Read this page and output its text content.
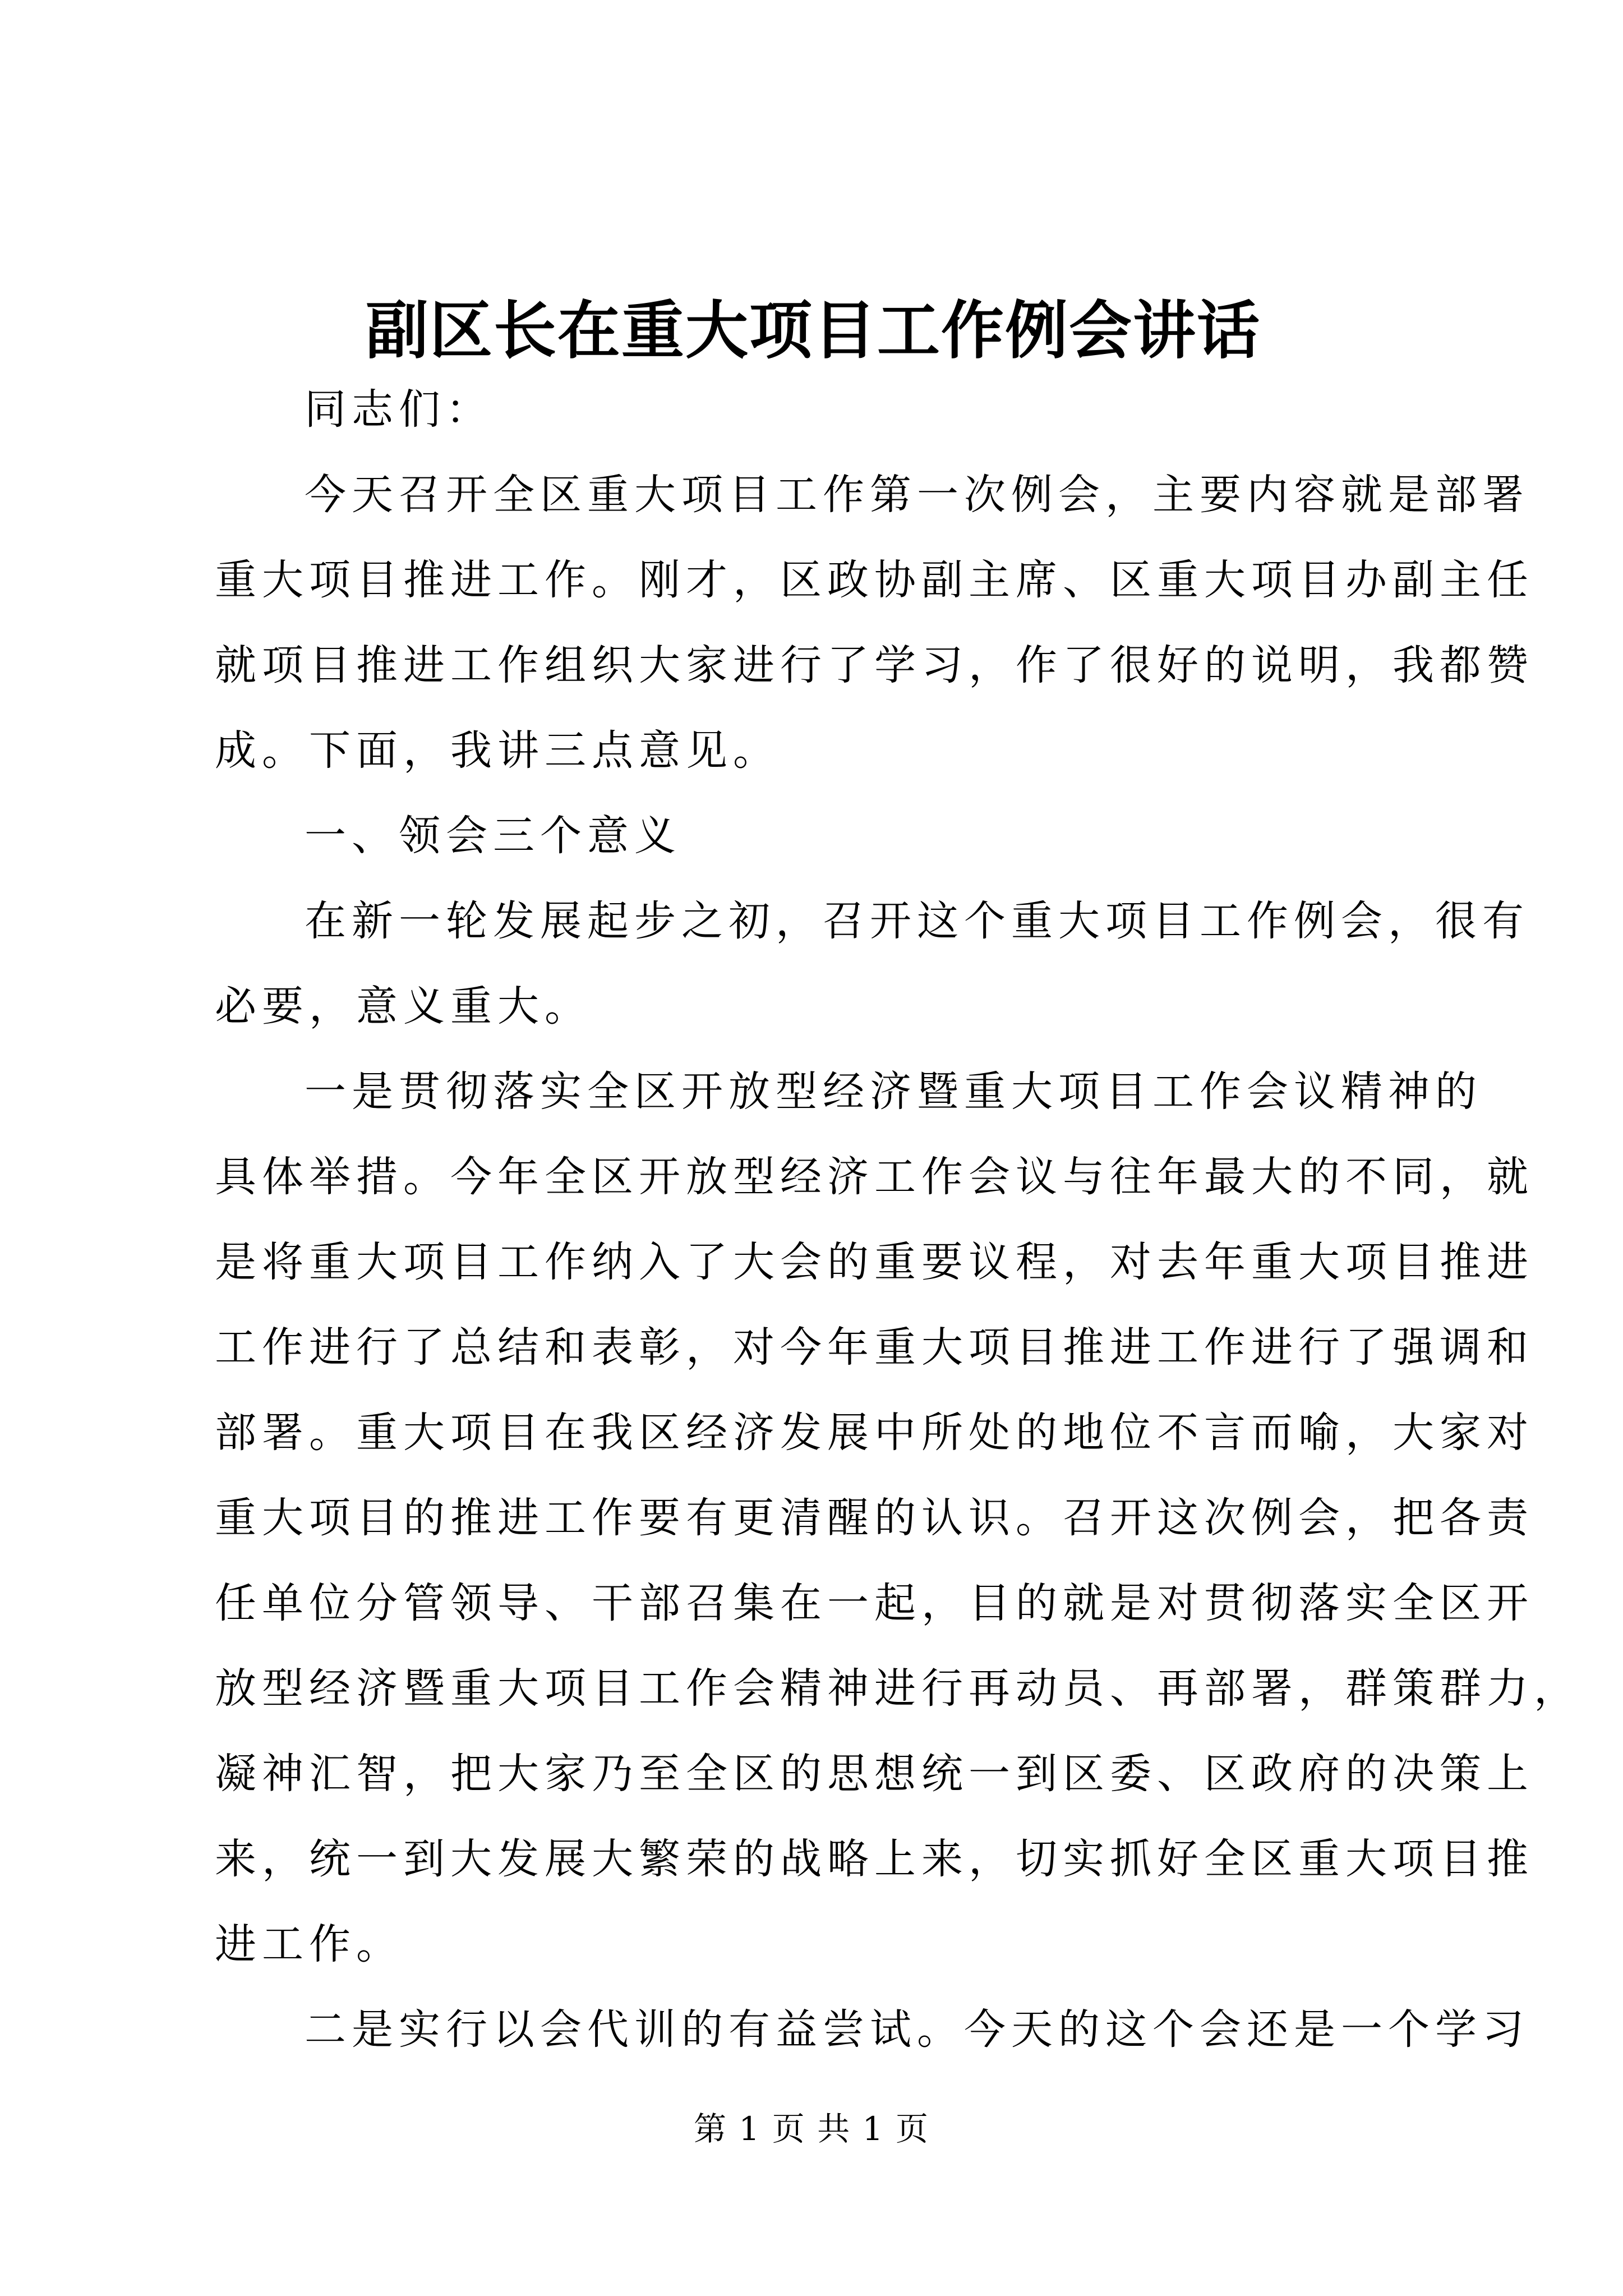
副区长在重大项目工作例会讲话
同志们：
今天召开全区重大项目工作第一次例会，主要内容就是部署
重大项目推进工作。刚才，区政协副主席、区重大项目办副主任
就项目推进工作组织大家进行了学习，作了很好的说明，我都赞
成。下面，我讲三点意见。
一、领会三个意义
在新一轮发展起步之初，召开这个重大项目工作例会，很有
必要，意义重大。
一是贯彻落实全区开放型经济暨重大项目工作会议精神的
具体举措。今年全区开放型经济工作会议与往年最大的不同，就
是将重大项目工作纳入了大会的重要议程，对去年重大项目推进
工作进行了总结和表彰，对今年重大项目推进工作进行了强调和
部署。重大项目在我区经济发展中所处的地位不言而喻，大家对
重大项目的推进工作要有更清醒的认识。召开这次例会，把各责
任单位分管领导、干部召集在一起，目的就是对贯彻落实全区开
放型经济暨重大项目工作会精神进行再动员、再部署，群策群力，
凝神汇智，把大家乃至全区的思想统一到区委、区政府的决策上
来，统一到大发展大繁荣的战略上来，切实抓好全区重大项目推
进工作。
二是实行以会代训的有益尝试。今天的这个会还是一个学习
第 1 页 共 1 页
